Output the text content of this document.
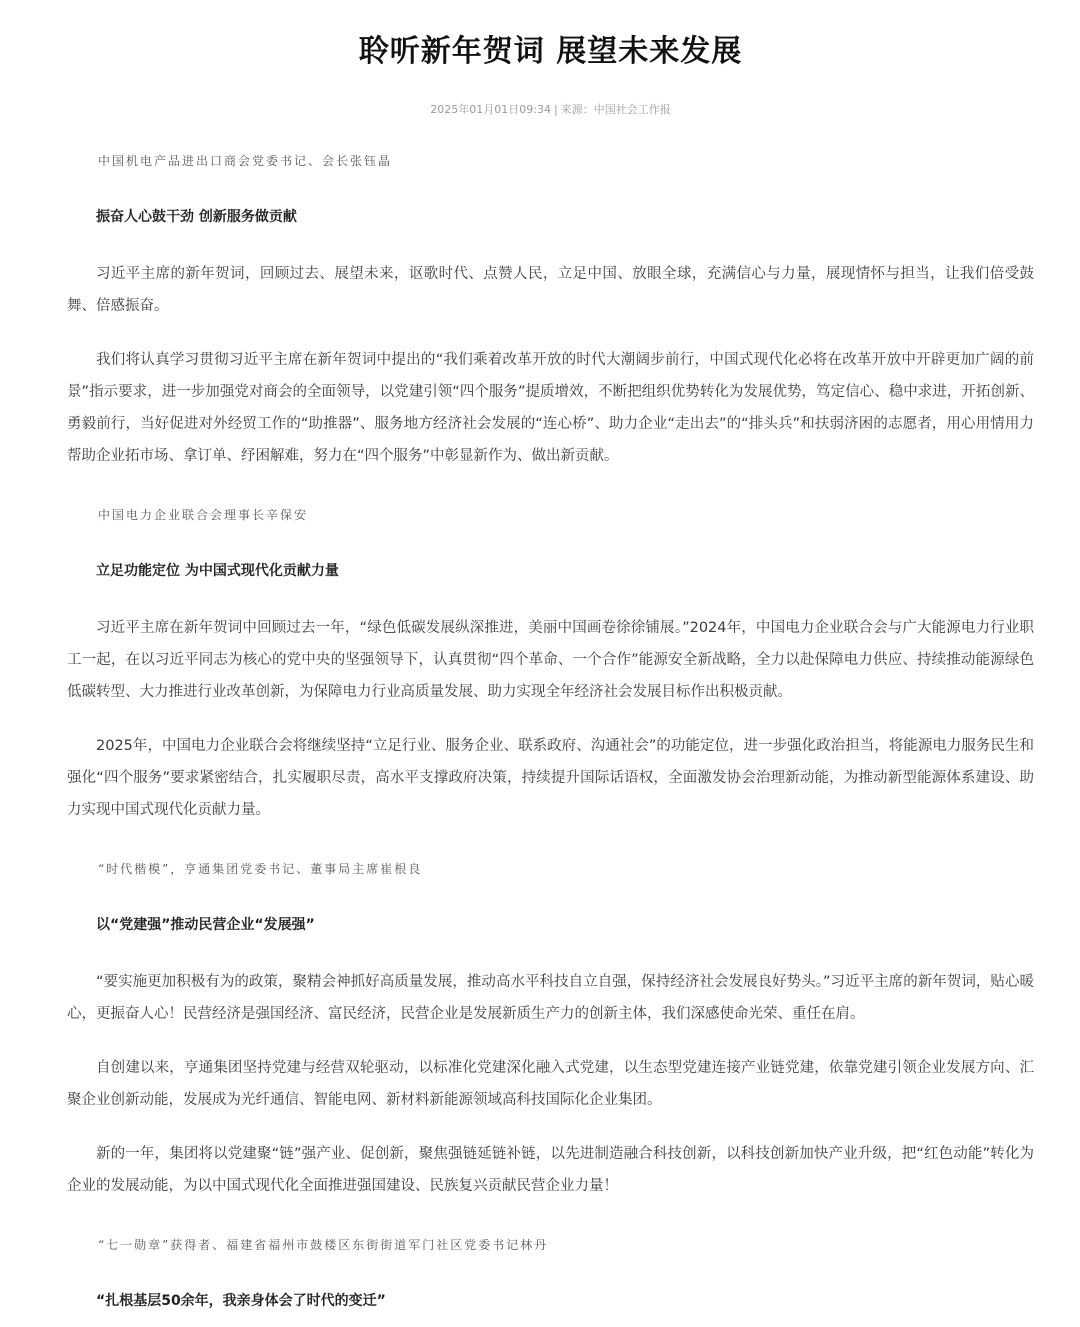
聆听新年贺词 展望未来发展
2025年01月01日09:34 | 来源：中国社会工作报

中国机电产品进出口商会党委书记、会长张钰晶

振奋人心鼓干劲 创新服务做贡献

习近平主席的新年贺词，回顾过去、展望未来，讴歌时代、点赞人民，立足中国、放眼全球，充满信心与力量，展现情怀与担当，让我们倍受鼓舞、倍感振奋。

我们将认真学习贯彻习近平主席在新年贺词中提出的“我们乘着改革开放的时代大潮阔步前行，中国式现代化必将在改革开放中开辟更加广阔的前景”指示要求，进一步加强党对商会的全面领导，以党建引领“四个服务”提质增效，不断把组织优势转化为发展优势，笃定信心、稳中求进，开拓创新、勇毅前行，当好促进对外经贸工作的“助推器”、服务地方经济社会发展的“连心桥”、助力企业“走出去”的“排头兵”和扶弱济困的志愿者，用心用情用力帮助企业拓市场、拿订单、纾困解难，努力在“四个服务”中彰显新作为、做出新贡献。

中国电力企业联合会理事长辛保安

立足功能定位 为中国式现代化贡献力量

习近平主席在新年贺词中回顾过去一年，“绿色低碳发展纵深推进，美丽中国画卷徐徐铺展。”2024年，中国电力企业联合会与广大能源电力行业职工一起，在以习近平同志为核心的党中央的坚强领导下，认真贯彻“四个革命、一个合作”能源安全新战略，全力以赴保障电力供应、持续推动能源绿色低碳转型、大力推进行业改革创新，为保障电力行业高质量发展、助力实现全年经济社会发展目标作出积极贡献。

2025年，中国电力企业联合会将继续坚持“立足行业、服务企业、联系政府、沟通社会”的功能定位，进一步强化政治担当，将能源电力服务民生和强化“四个服务”要求紧密结合，扎实履职尽责，高水平支撑政府决策，持续提升国际话语权，全面激发协会治理新动能，为推动新型能源体系建设、助力实现中国式现代化贡献力量。

“时代楷模”，亨通集团党委书记、董事局主席崔根良

以“党建强”推动民营企业“发展强”

“要实施更加积极有为的政策，聚精会神抓好高质量发展，推动高水平科技自立自强，保持经济社会发展良好势头。”习近平主席的新年贺词，贴心暖心，更振奋人心！民营经济是强国经济、富民经济，民营企业是发展新质生产力的创新主体，我们深感使命光荣、重任在肩。

自创建以来，亨通集团坚持党建与经营双轮驱动，以标准化党建深化融入式党建，以生态型党建连接产业链党建，依靠党建引领企业发展方向、汇聚企业创新动能，发展成为光纤通信、智能电网、新材料新能源领域高科技国际化企业集团。

新的一年，集团将以党建聚“链”强产业、促创新，聚焦强链延链补链，以先进制造融合科技创新，以科技创新加快产业升级，把“红色动能”转化为企业的发展动能，为以中国式现代化全面推进强国建设、民族复兴贡献民营企业力量！

“七一勋章”获得者、福建省福州市鼓楼区东街街道军门社区党委书记林丹

“扎根基层50余年，我亲身体会了时代的变迁”
